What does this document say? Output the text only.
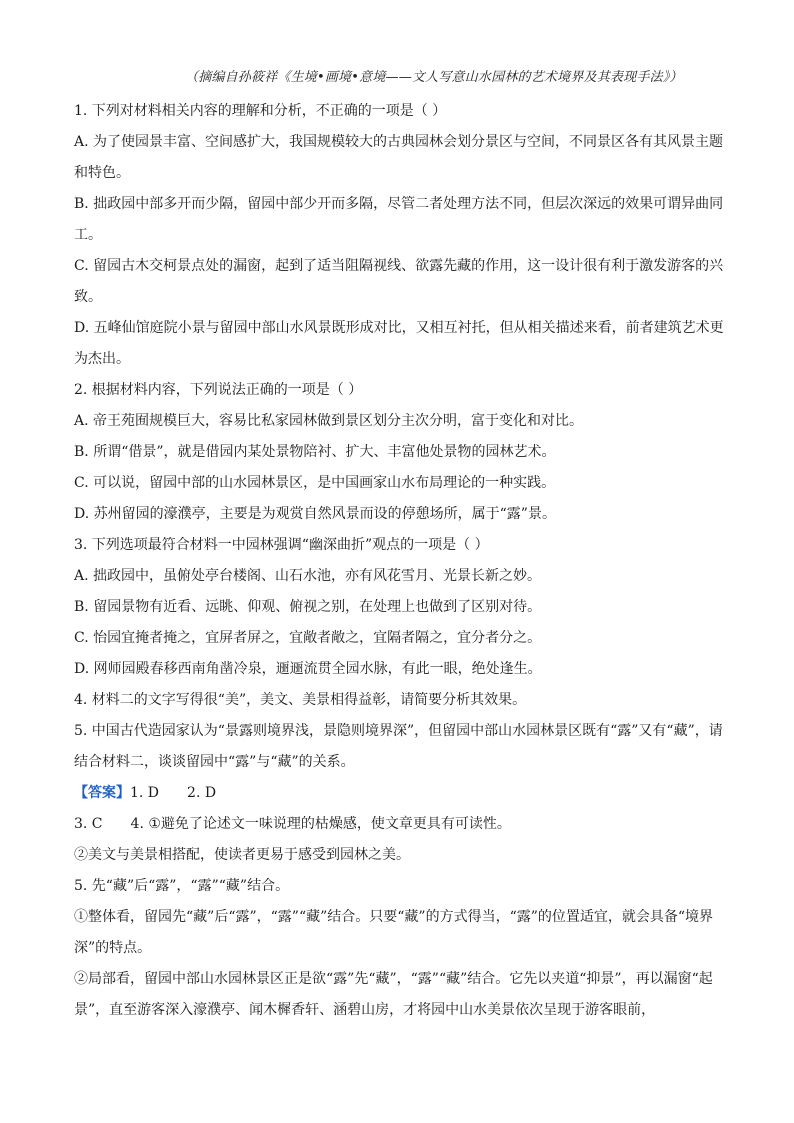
（摘编自孙筱祥《生境•画境•意境——文人写意山水园林的艺术境界及其表现手法》）

1. 下列对材料相关内容的理解和分析，不正确的一项是（ ）

A. 为了使园景丰富、空间感扩大，我国规模较大的古典园林会划分景区与空间，不同景区各有其风景主题和特色。

B. 拙政园中部多开而少隔，留园中部少开而多隔，尽管二者处理方法不同，但层次深远的效果可谓异曲同工。

C. 留园古木交柯景点处的漏窗，起到了适当阻隔视线、欲露先藏的作用，这一设计很有利于激发游客的兴致。

D. 五峰仙馆庭院小景与留园中部山水风景既形成对比，又相互衬托，但从相关描述来看，前者建筑艺术更为杰出。

2. 根据材料内容，下列说法正确的一项是（ ）

A. 帝王苑囿规模巨大，容易比私家园林做到景区划分主次分明，富于变化和对比。

B. 所谓“借景”，就是借园内某处景物陪衬、扩大、丰富他处景物的园林艺术。

C. 可以说，留园中部的山水园林景区，是中国画家山水布局理论的一种实践。

D. 苏州留园的濠濮亭，主要是为观赏自然风景而设的停憩场所，属于“露”景。

3. 下列选项最符合材料一中园林强调“幽深曲折”观点的一项是（ ）

A. 拙政园中，虽俯处亭台楼阁、山石水池，亦有风花雪月、光景长新之妙。

B. 留园景物有近看、远眺、仰观、俯视之别，在处理上也做到了区别对待。

C. 怡园宜掩者掩之，宜屏者屏之，宜敞者敞之，宜隔者隔之，宜分者分之。

D. 网师园殿春移西南角凿冷泉，逦逦流贯全园水脉，有此一眼，绝处逢生。

4. 材料二的文字写得很“美”，美文、美景相得益彰，请简要分析其效果。

5. 中国古代造园家认为“景露则境界浅，景隐则境界深”，但留园中部山水园林景区既有“露”又有“藏”，请结合材料二，谈谈留园中“露”与“藏”的关系。

【答案】1. D 2. D

3. C 4. ①避免了论述文一味说理的枯燥感，使文章更具有可读性。

②美文与美景相搭配，使读者更易于感受到园林之美。

5. 先“藏”后“露”，“露”“藏”结合。

①整体看，留园先“藏”后“露”，“露”“藏”结合。只要“藏”的方式得当，“露”的位置适宜，就会具备“境界深”的特点。

②局部看，留园中部山水园林景区正是欲“露”先“藏”，“露”“藏”结合。它先以夹道“抑景”，再以漏窗“起景”，直至游客深入濠濮亭、闻木樨香轩、涵碧山房，才将园中山水美景依次呈现于游客眼前，
